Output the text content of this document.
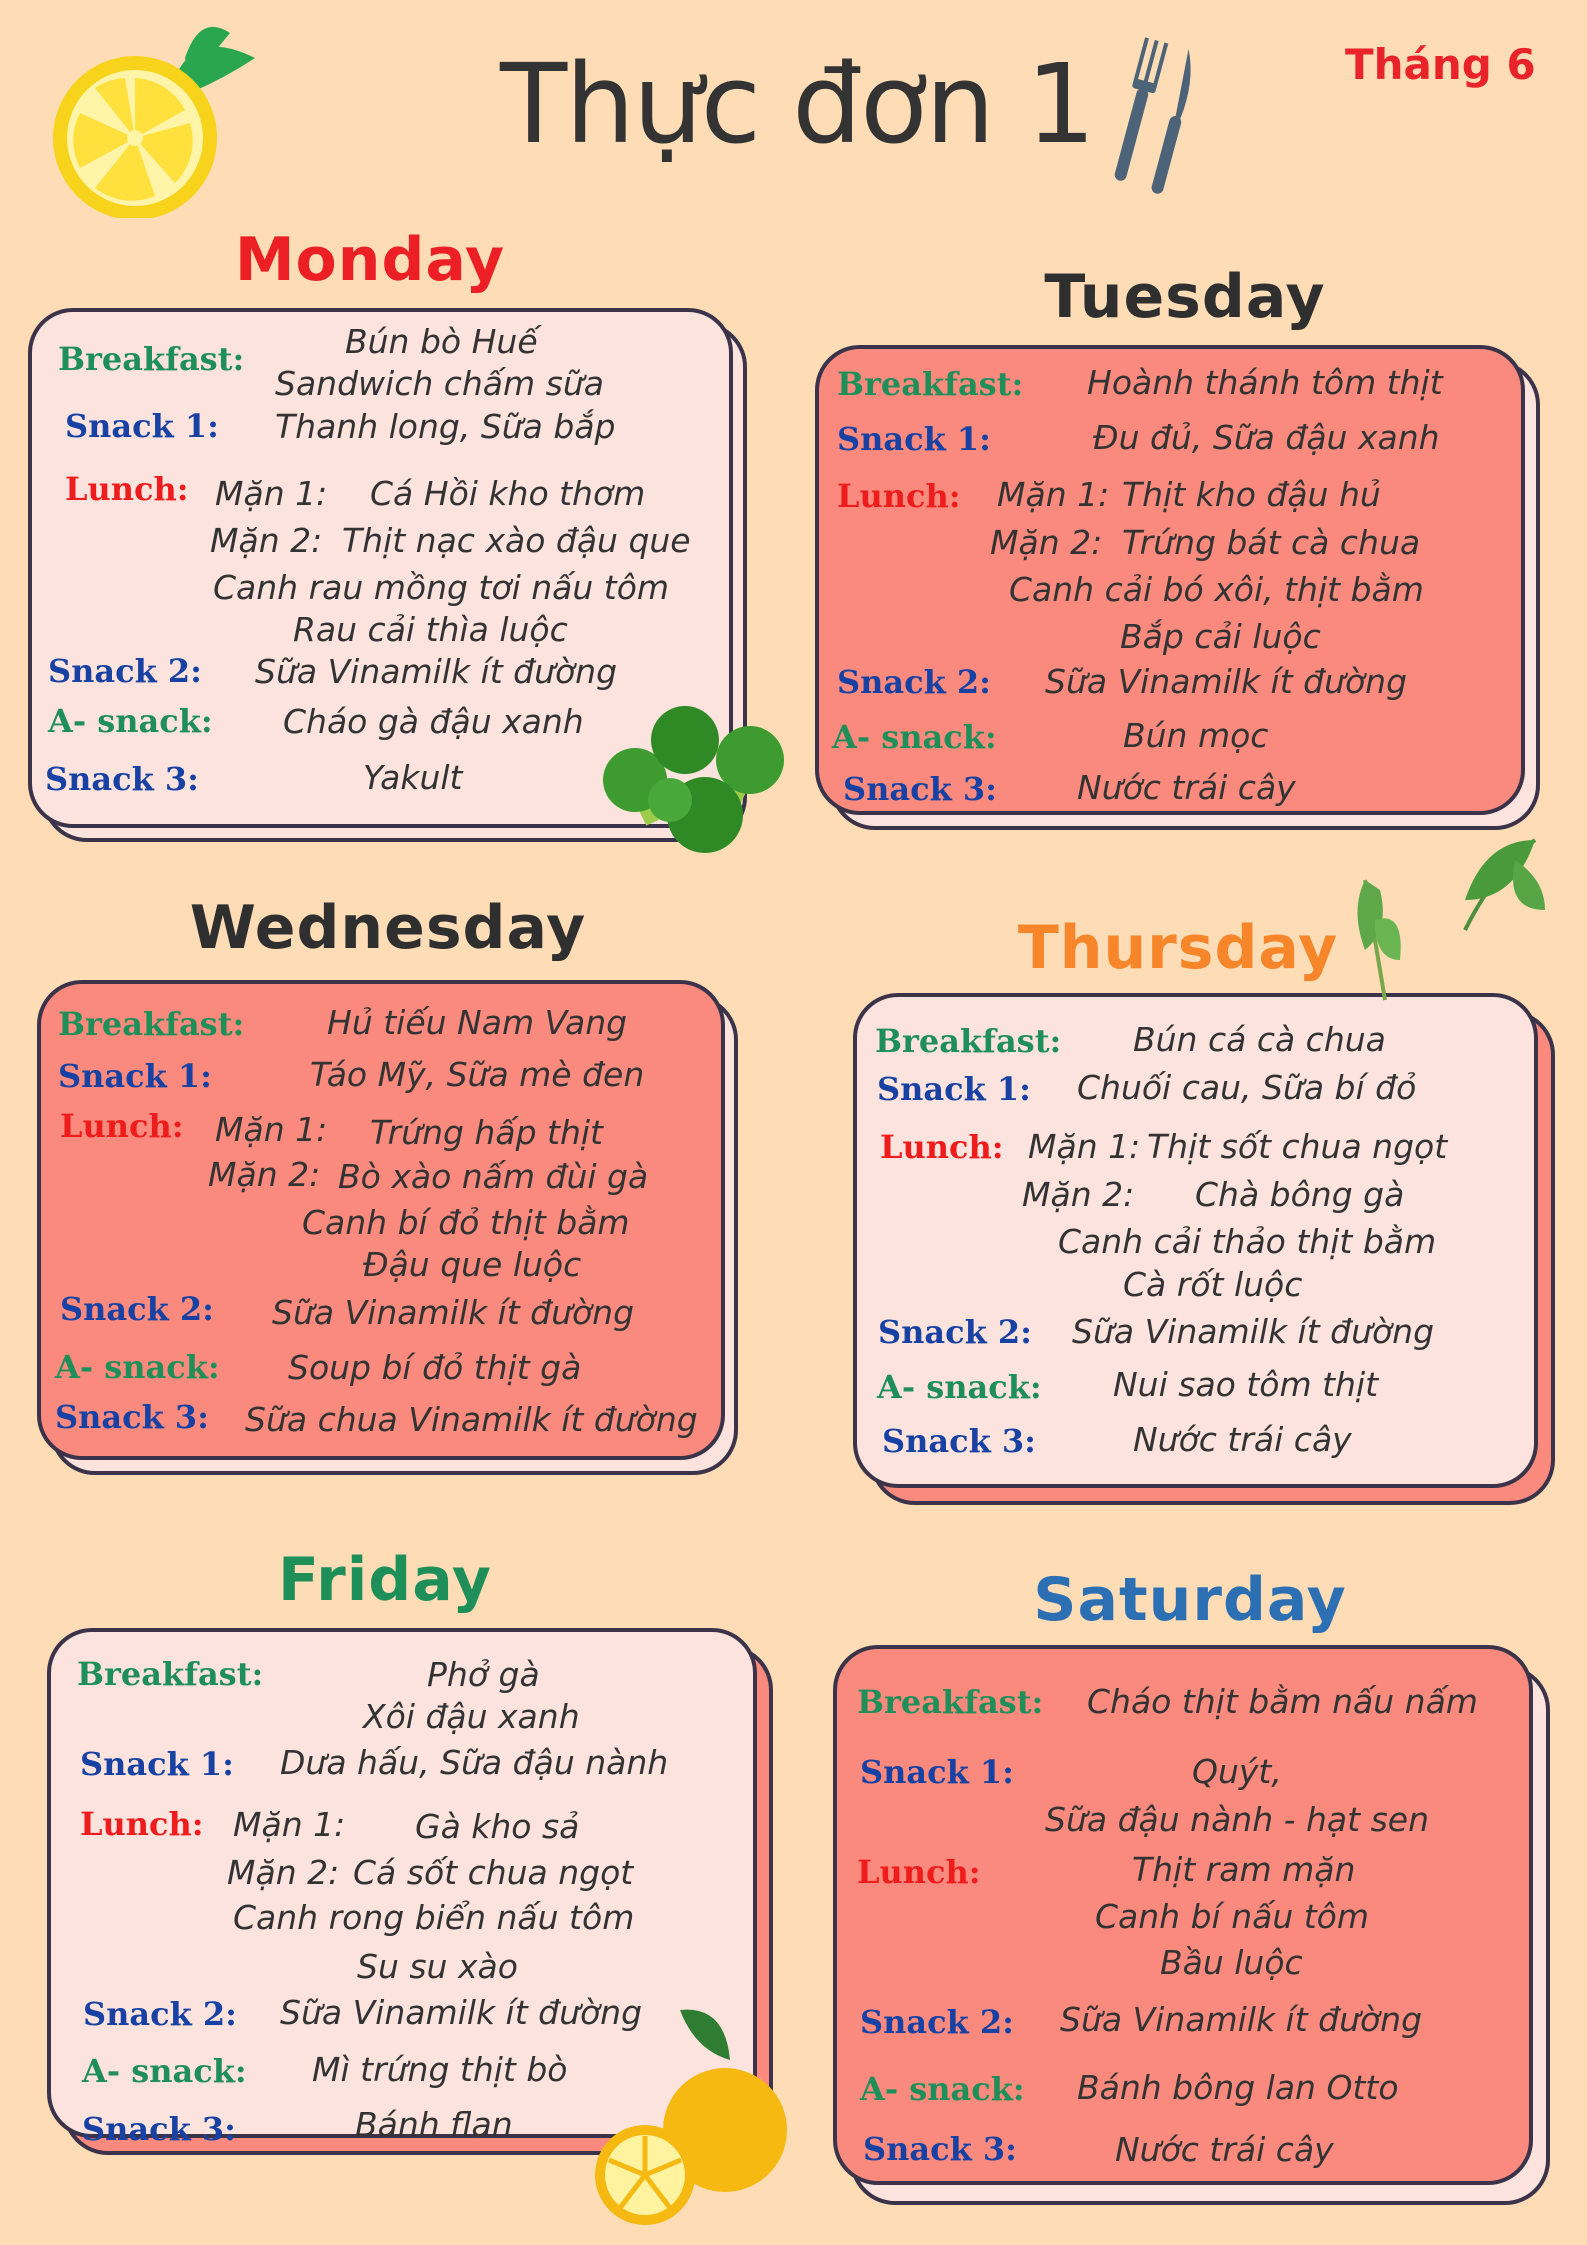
Thực đơn 1	Tháng 6
Monday
Breakfast:	Bún bò Huế
Sandwich chấm sữa
Snack 1: Thanh long, Sữa bắp
Lunch: Mặn 1: Cá Hồi kho thơm
Mặn 2: Thịt nạc xào đậu que
Canh rau mồng tơi nấu tôm
Rau cải thìa luộc
Snack 2: Sữa Vinamilk ít đường
A- snack: Cháo gà đậu xanh
Snack 3:	Yakult
Tuesday
Breakfast: Hoành thánh tôm thịt
Snack 1:	Đu đủ, Sữa đậu xanh
Lunch: Mặn 1: Thịt kho đậu hủ
Mặn 2: Trứng bát cà chua
Canh cải bó xôi, thịt bằm
Bắp cải luộc
Snack 2: Sữa Vinamilk ít đường
A- snack:	Bún mọc
Snack 3: Nước trái cây
Wednesday
Breakfast:	Hủ tiếu Nam Vang
Snack 1:	Táo Mỹ, Sữa mè đen
Lunch: Mặn 1: Trứng hấp thịt
Mặn 2: Bò xào nấm đùi gà
Canh bí đỏ thịt bằm
Đậu que luộc
Snack 2: Sữa Vinamilk ít đường
A- snack: Soup bí đỏ thịt gà
Snack 3: Sữa chua Vinamilk ít đường
Thursday
Breakfast: Bún cá cà chua
Snack 1: Chuối cau, Sữa bí đỏ
Lunch: Mặn 1: Thịt sốt chua ngọt
Mặn 2: Chà bông gà
Canh cải thảo thịt bằm
Cà rốt luộc
Snack 2: Sữa Vinamilk ít đường
A- snack: Nui sao tôm thịt
Snack 3:	Nước trái cây
Friday
Breakfast:	Phở gà
Xôi đậu xanh
Snack 1: Dưa hấu, Sữa đậu nành
Lunch: Mặn 1: Gà kho sả
Mặn 2: Cá sốt chua ngọt
Canh rong biển nấu tôm
Su su xào
Snack 2: Sữa Vinamilk ít đường
A- snack: Mì trứng thịt bò
Snack 3:	Bánh flan
Saturday
Breakfast: Cháo thịt bằm nấu nấm
Snack 1:	Quýt,
Sữa đậu nành - hạt sen
Lunch:	Thịt ram mặn
Canh bí nấu tôm
Bầu luộc
Snack 2: Sữa Vinamilk ít đường
A- snack: Bánh bông lan Otto
Snack 3:	Nước trái cây
